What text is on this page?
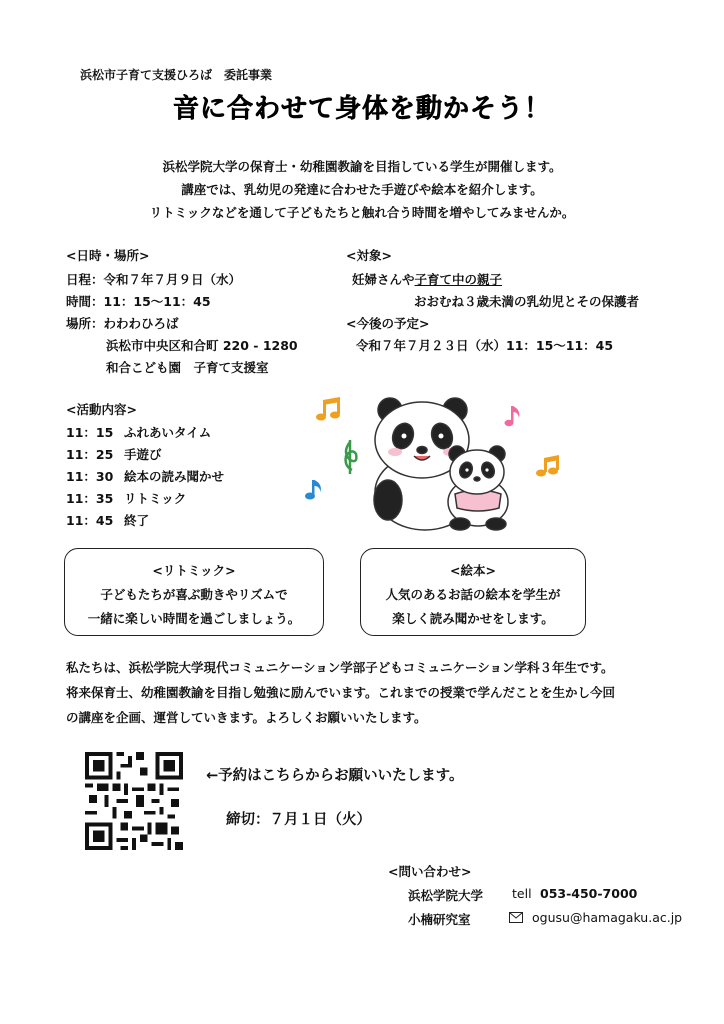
浜松市子育て支援ひろば　委託事業
音に合わせて身体を動かそう！
浜松学院大学の保育士・幼稚園教諭を目指している学生が開催します。
講座では、乳幼児の発達に合わせた手遊びや絵本を紹介します。
リトミックなどを通して子どもたちと触れ合う時間を増やしてみませんか。
<日時・場所>
日程：令和７年７月９日（水）
時間：11：15～11：45
場所：わわわひろば
浜松市中央区和合町 220 - 1280
和合こども園　子育て支援室
<対象>
妊婦さんや子育て中の親子
おおむね３歳未満の乳幼児とその保護者
<今後の予定>
令和７年７月２３日（水）11：15～11：45
<活動内容>
11：15 ふれあいタイム
11：25 手遊び
11：30 絵本の読み聞かせ
11：35 リトミック
11：45 終了
<リトミック>
子どもたちが喜ぶ動きやリズムで
一緒に楽しい時間を過ごしましょう。
<絵本>
人気のあるお話の絵本を学生が
楽しく読み聞かせをします。
私たちは、浜松学院大学現代コミュニケーション学部子どもコミュニケーション学科３年生です。
将来保育士、幼稚園教諭を目指し勉強に励んでいます。これまでの授業で学んだことを生かし今回
の講座を企画、運営していきます。よろしくお願いいたします。
←予約はこちらからお願いいたします。
締切：７月１日（火）
<問い合わせ>
浜松学院大学 tell 053-450-7000
小楠研究室	ogusu@hamagaku.ac.jp
